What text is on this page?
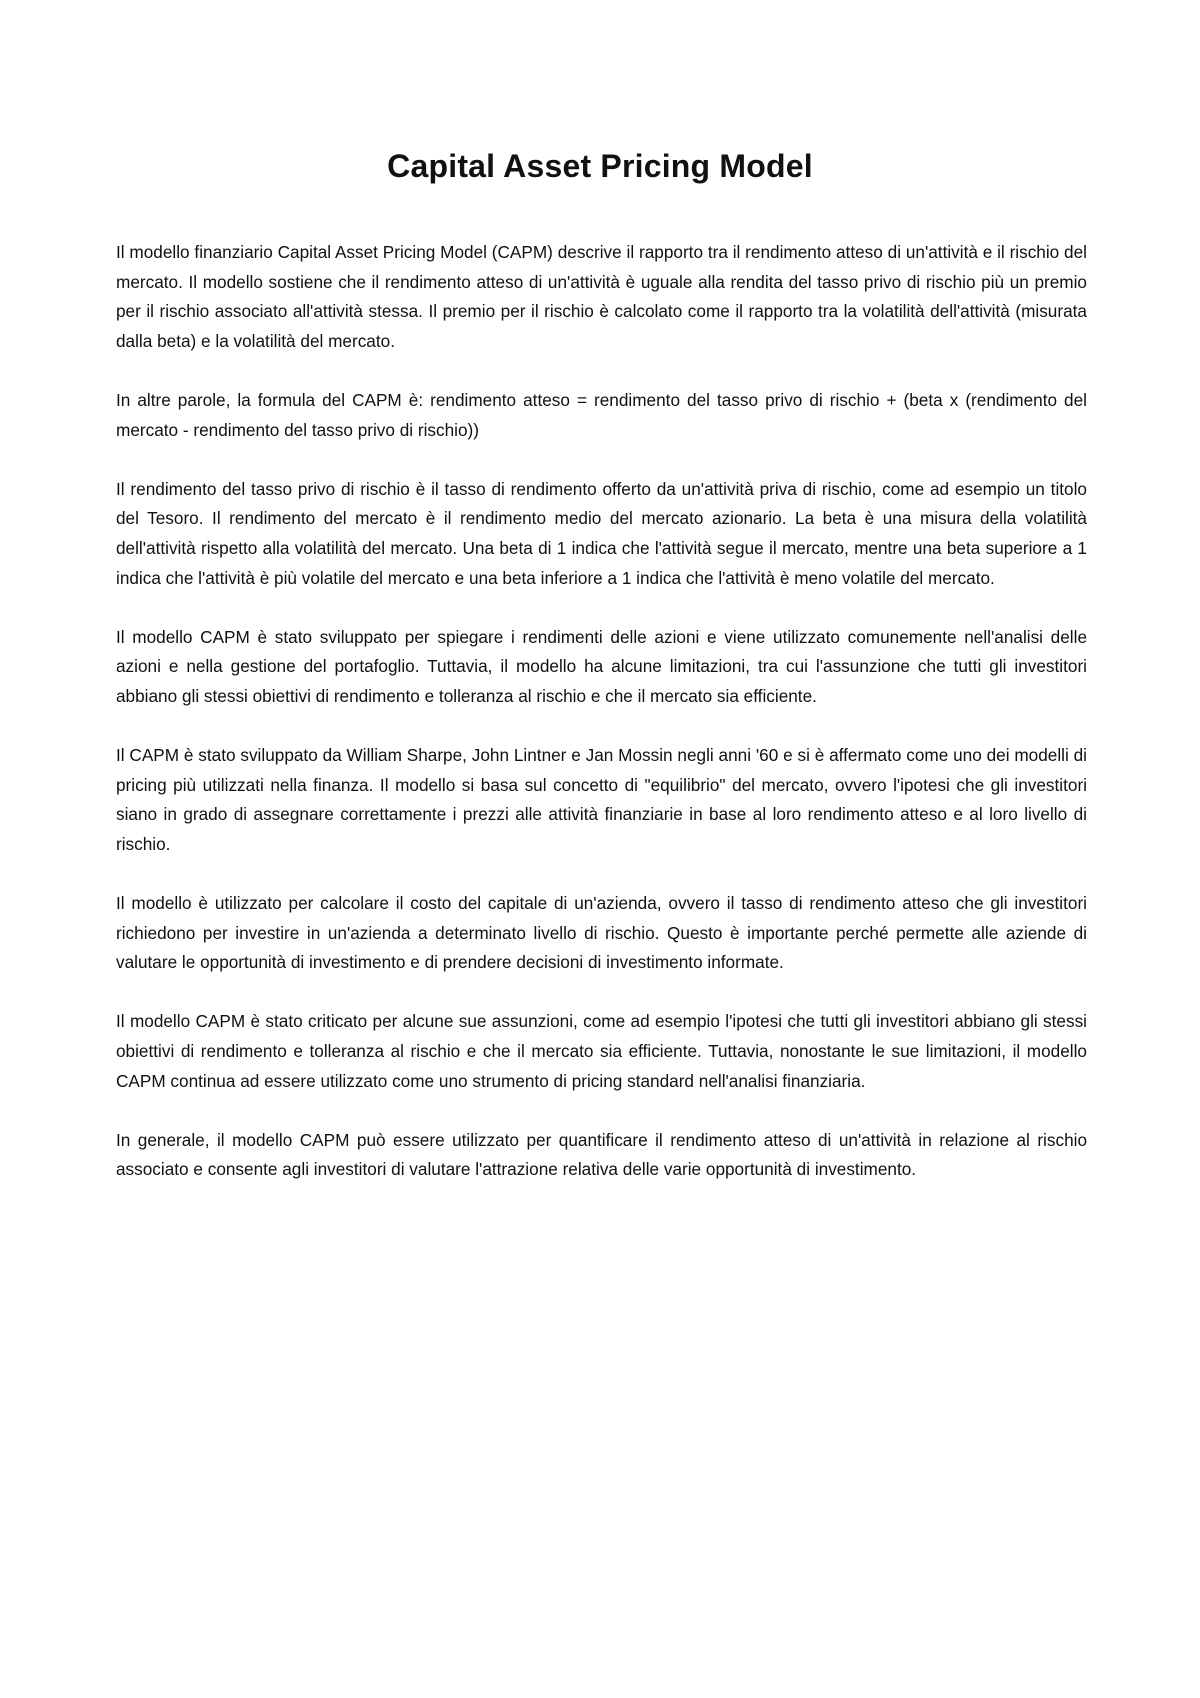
Capital Asset Pricing Model

Il modello finanziario Capital Asset Pricing Model (CAPM) descrive il rapporto tra il rendimento atteso di un'attività e il rischio del mercato. Il modello sostiene che il rendimento atteso di un'attività è uguale alla rendita del tasso privo di rischio più un premio per il rischio associato all'attività stessa. Il premio per il rischio è calcolato come il rapporto tra la volatilità dell'attività (misurata dalla beta) e la volatilità del mercato.

In altre parole, la formula del CAPM è: rendimento atteso = rendimento del tasso privo di rischio + (beta x (rendimento del mercato - rendimento del tasso privo di rischio))

Il rendimento del tasso privo di rischio è il tasso di rendimento offerto da un'attività priva di rischio, come ad esempio un titolo del Tesoro. Il rendimento del mercato è il rendimento medio del mercato azionario. La beta è una misura della volatilità dell'attività rispetto alla volatilità del mercato. Una beta di 1 indica che l'attività segue il mercato, mentre una beta superiore a 1 indica che l'attività è più volatile del mercato e una beta inferiore a 1 indica che l'attività è meno volatile del mercato.

Il modello CAPM è stato sviluppato per spiegare i rendimenti delle azioni e viene utilizzato comunemente nell'analisi delle azioni e nella gestione del portafoglio. Tuttavia, il modello ha alcune limitazioni, tra cui l'assunzione che tutti gli investitori abbiano gli stessi obiettivi di rendimento e tolleranza al rischio e che il mercato sia efficiente.

Il CAPM è stato sviluppato da William Sharpe, John Lintner e Jan Mossin negli anni '60 e si è affermato come uno dei modelli di pricing più utilizzati nella finanza. Il modello si basa sul concetto di "equilibrio" del mercato, ovvero l'ipotesi che gli investitori siano in grado di assegnare correttamente i prezzi alle attività finanziarie in base al loro rendimento atteso e al loro livello di rischio.

Il modello è utilizzato per calcolare il costo del capitale di un'azienda, ovvero il tasso di rendimento atteso che gli investitori richiedono per investire in un'azienda a determinato livello di rischio. Questo è importante perché permette alle aziende di valutare le opportunità di investimento e di prendere decisioni di investimento informate.

Il modello CAPM è stato criticato per alcune sue assunzioni, come ad esempio l'ipotesi che tutti gli investitori abbiano gli stessi obiettivi di rendimento e tolleranza al rischio e che il mercato sia efficiente. Tuttavia, nonostante le sue limitazioni, il modello CAPM continua ad essere utilizzato come uno strumento di pricing standard nell'analisi finanziaria.

In generale, il modello CAPM può essere utilizzato per quantificare il rendimento atteso di un'attività in relazione al rischio associato e consente agli investitori di valutare l'attrazione relativa delle varie opportunità di investimento.
